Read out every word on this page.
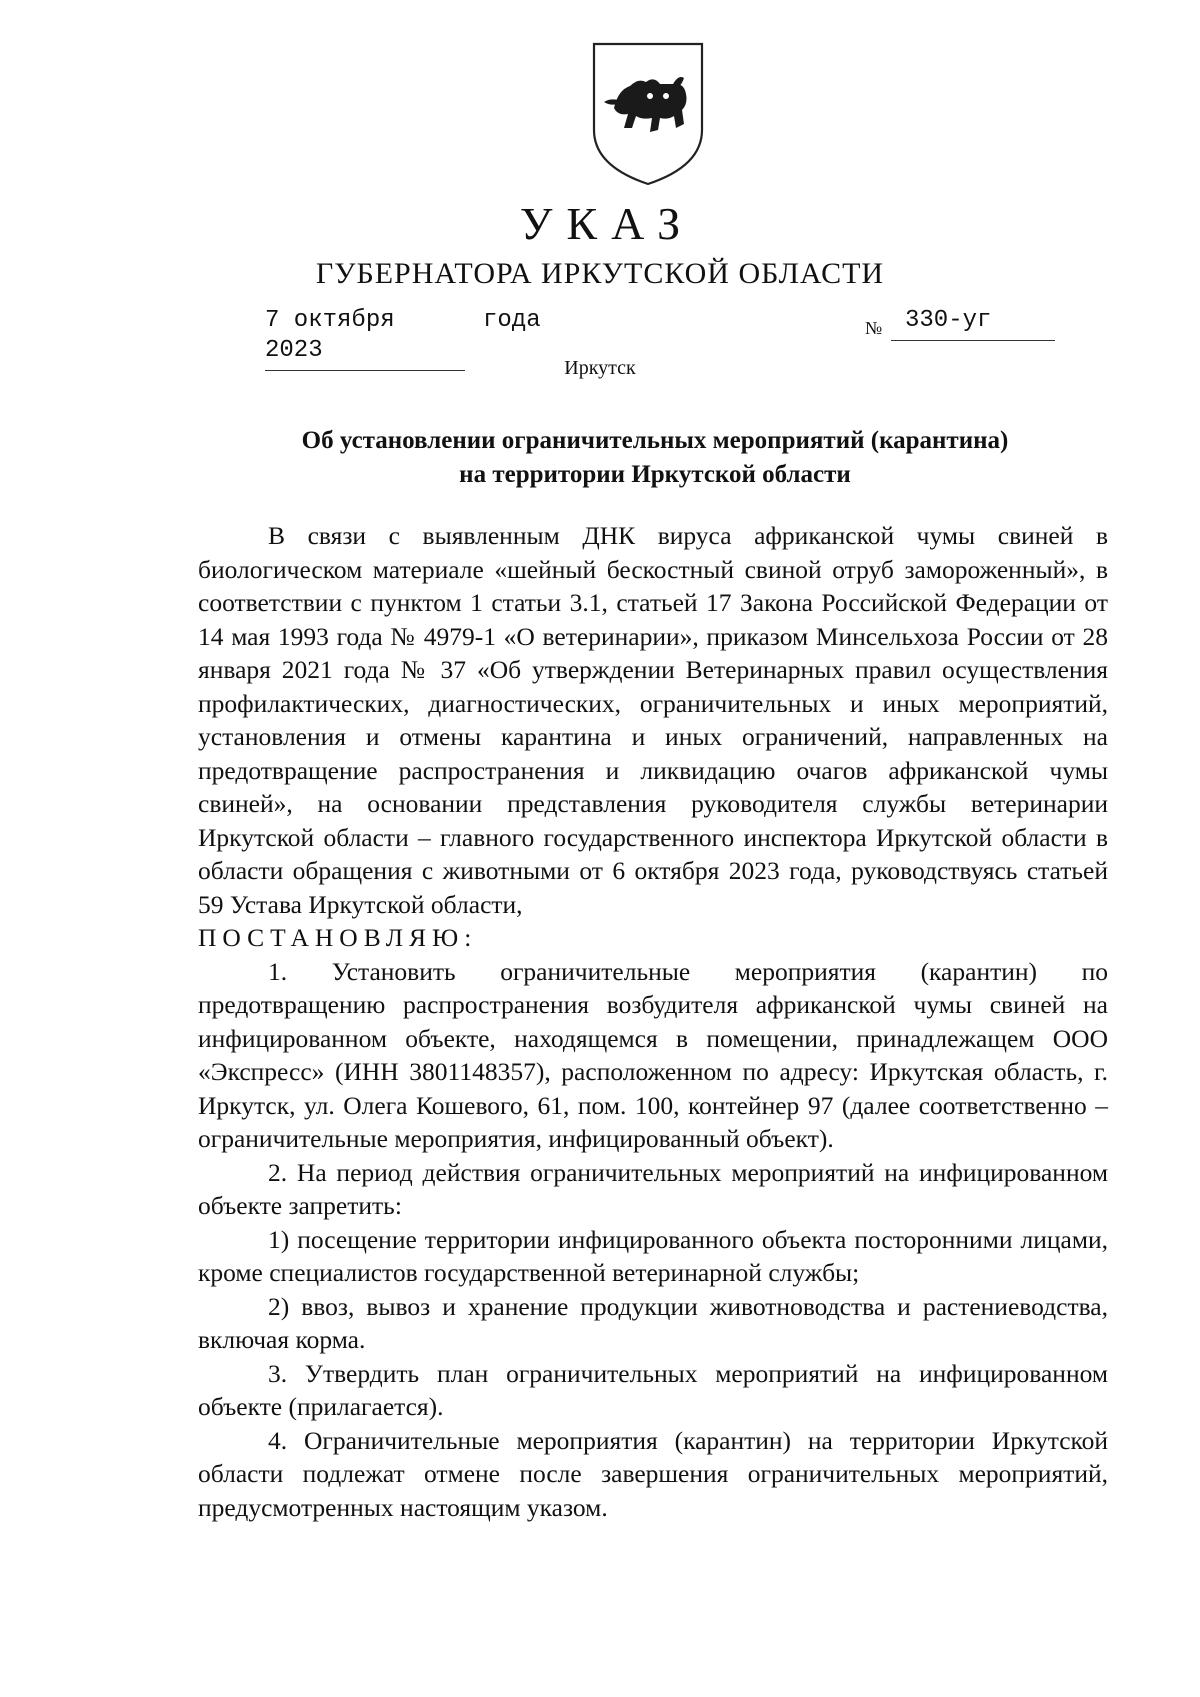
УКАЗ
ГУБЕРНАТОРА ИРКУТСКОЙ ОБЛАСТИ
7 октября 2023
года	№ 330-уг
Иркутск
Об установлении ограничительных мероприятий (карантина)
на территории Иркутской области

В связи с выявленным ДНК вируса африканской чумы свиней в биологическом материале «шейный бескостный свиной отруб замороженный», в соответствии с пунктом 1 статьи 3.1, статьей 17 Закона Российской Федерации от 14 мая 1993 года № 4979-1 «О ветеринарии», приказом Минсельхоза России от 28 января 2021 года № 37 «Об утверждении Ветеринарных правил осуществления профилактических, диагностических, ограничительных и иных мероприятий, установления и отмены карантина и иных ограничений, направленных на предотвращение распространения и ликвидацию очагов африканской чумы свиней», на основании представления руководителя службы ветеринарии Иркутской области – главного государственного инспектора Иркутской области в области обращения с животными от 6 октября 2023 года, руководствуясь статьей 59 Устава Иркутской области,

ПОСТАНОВЛЯЮ:

1. Установить ограничительные мероприятия (карантин) по предотвращению распространения возбудителя африканской чумы свиней на инфицированном объекте, находящемся в помещении, принадлежащем ООО «Экспресс» (ИНН 3801148357), расположенном по адресу: Иркутская область, г. Иркутск, ул. Олега Кошевого, 61, пом. 100, контейнер 97 (далее соответственно – ограничительные мероприятия, инфицированный объект).

2. На период действия ограничительных мероприятий на инфицированном объекте запретить:

1) посещение территории инфицированного объекта посторонними лицами, кроме специалистов государственной ветеринарной службы;

2) ввоз, вывоз и хранение продукции животноводства и растениеводства, включая корма.

3. Утвердить план ограничительных мероприятий на инфицированном объекте (прилагается).

4. Ограничительные мероприятия (карантин) на территории Иркутской области подлежат отмене после завершения ограничительных мероприятий, предусмотренных настоящим указом.
